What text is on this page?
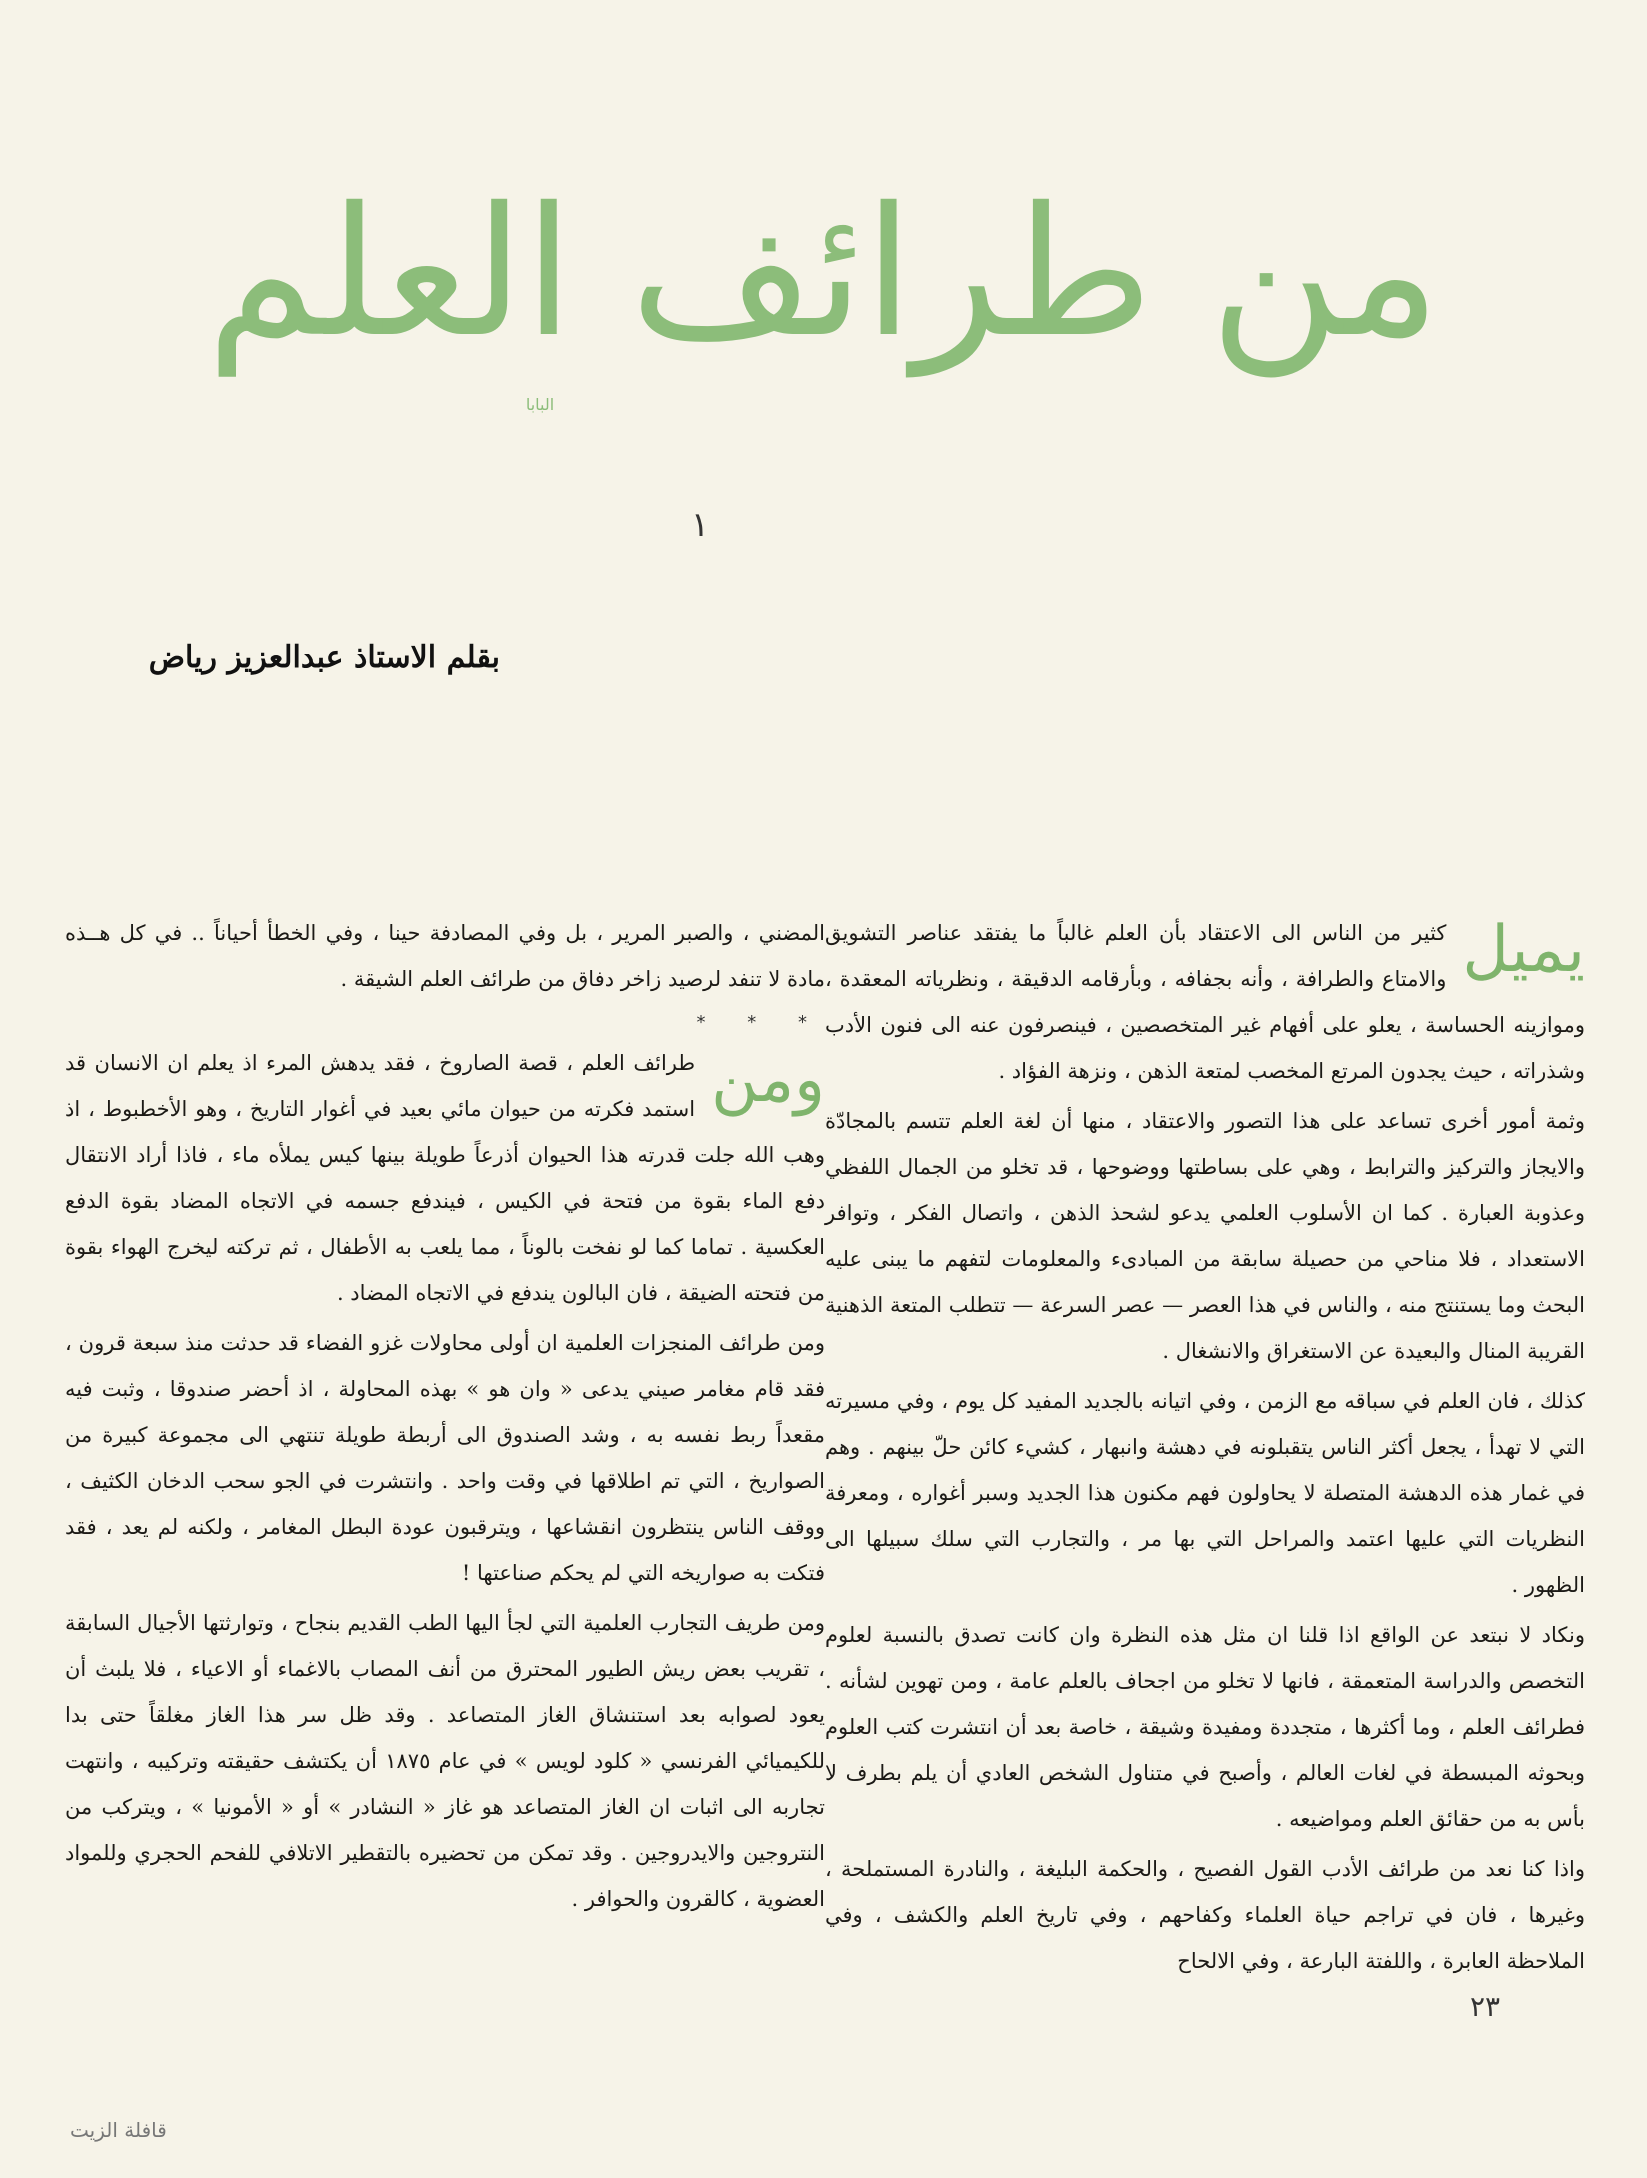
من طرائف العلم
البابا
١
بقلم الاستاذ عبدالعزيز رياض

يميل
كثير من الناس الى الاعتقاد بأن العلم غالباً ما يفتقد عناصر التشويق والامتاع والطرافة ، وأنه بجفافه ، وبأرقامه الدقيقة ، ونظرياته المعقدة ، وموازينه الحساسة ، يعلو على أفهام غير المتخصصين ، فينصرفون عنه الى فنون الأدب وشذراته ، حيث يجدون المرتع المخصب لمتعة الذهن ، ونزهة الفؤاد .

وثمة أمور أخرى تساعد على هذا التصور والاعتقاد ، منها أن لغة العلم تتسم بالمجادّة والايجاز والتركيز والترابط ، وهي على بساطتها ووضوحها ، قد تخلو من الجمال اللفظي وعذوبة العبارة . كما ان الأسلوب العلمي يدعو لشحذ الذهن ، واتصال الفكر ، وتوافر الاستعداد ، فلا مناحي من حصيلة سابقة من المبادىء والمعلومات لتفهم ما يبنى عليه البحث وما يستنتج منه ، والناس في هذا العصر — عصر السرعة — تتطلب المتعة الذهنية القريبة المنال والبعيدة عن الاستغراق والانشغال .

كذلك ، فان العلم في سباقه مع الزمن ، وفي اتيانه بالجديد المفيد كل يوم ، وفي مسيرته التي لا تهدأ ، يجعل أكثر الناس يتقبلونه في دهشة وانبهار ، كشيء كائن حلّ بينهم . وهم في غمار هذه الدهشة المتصلة لا يحاولون فهم مكنون هذا الجديد وسبر أغواره ، ومعرفة النظريات التي عليها اعتمد والمراحل التي بها مر ، والتجارب التي سلك سبيلها الى الظهور .

ونكاد لا نبتعد عن الواقع اذا قلنا ان مثل هذه النظرة وان كانت تصدق بالنسبة لعلوم التخصص والدراسة المتعمقة ، فانها لا تخلو من اجحاف بالعلم عامة ، ومن تهوين لشأنه . فطرائف العلم ، وما أكثرها ، متجددة ومفيدة وشيقة ، خاصة بعد أن انتشرت كتب العلوم وبحوثه المبسطة في لغات العالم ، وأصبح في متناول الشخص العادي أن يلم بطرف لا بأس به من حقائق العلم ومواضيعه .

واذا كنا نعد من طرائف الأدب القول الفصيح ، والحكمة البليغة ، والنادرة المستملحة ، وغيرها ، فان في تراجم حياة العلماء وكفاحهم ، وفي تاريخ العلم والكشف ، وفي الملاحظة العابرة ، واللفتة البارعة ، وفي الالحاح

المضني ، والصبر المرير ، بل وفي المصادفة حينا ، وفي الخطأ أحياناً .. في كل هــذه مادة لا تنفد لرصيد زاخر دفاق من طرائف العلم الشيقة .

* * *

ومن
طرائف العلم ، قصة الصاروخ ، فقد يدهش المرء اذ يعلم ان الانسان قد استمد فكرته من حيوان مائي بعيد في أغوار التاريخ ، وهو الأخطبوط ، اذ وهب الله جلت قدرته هذا الحيوان أذرعاً طويلة بينها كيس يملأه ماء ، فاذا أراد الانتقال دفع الماء بقوة من فتحة في الكيس ، فيندفع جسمه في الاتجاه المضاد بقوة الدفع العكسية . تماما كما لو نفخت بالوناً ، مما يلعب به الأطفال ، ثم تركته ليخرج الهواء بقوة من فتحته الضيقة ، فان البالون يندفع في الاتجاه المضاد .

ومن طرائف المنجزات العلمية ان أولى محاولات غزو الفضاء قد حدثت منذ سبعة قرون ، فقد قام مغامر صيني يدعى « وان هو » بهذه المحاولة ، اذ أحضر صندوقا ، وثبت فيه مقعداً ربط نفسه به ، وشد الصندوق الى أربطة طويلة تنتهي الى مجموعة كبيرة من الصواريخ ، التي تم اطلاقها في وقت واحد . وانتشرت في الجو سحب الدخان الكثيف ، ووقف الناس ينتظرون انقشاعها ، ويترقبون عودة البطل المغامر ، ولكنه لم يعد ، فقد فتكت به صواريخه التي لم يحكم صناعتها !

ومن طريف التجارب العلمية التي لجأ اليها الطب القديم بنجاح ، وتوارثتها الأجيال السابقة ، تقريب بعض ريش الطيور المحترق من أنف المصاب بالاغماء أو الاعياء ، فلا يلبث أن يعود لصوابه بعد استنشاق الغاز المتصاعد . وقد ظل سر هذا الغاز مغلقاً حتى بدا للكيميائي الفرنسي « كلود لويس » في عام ١٨٧٥ أن يكتشف حقيقته وتركيبه ، وانتهت تجاربه الى اثبات ان الغاز المتصاعد هو غاز « النشادر » أو « الأمونيا » ، ويتركب من النتروجين والايدروجين . وقد تمكن من تحضيره بالتقطير الاتلافي للفحم الحجري وللمواد العضوية ، كالقرون والحوافر .

٢٣
قافلة الزيت
